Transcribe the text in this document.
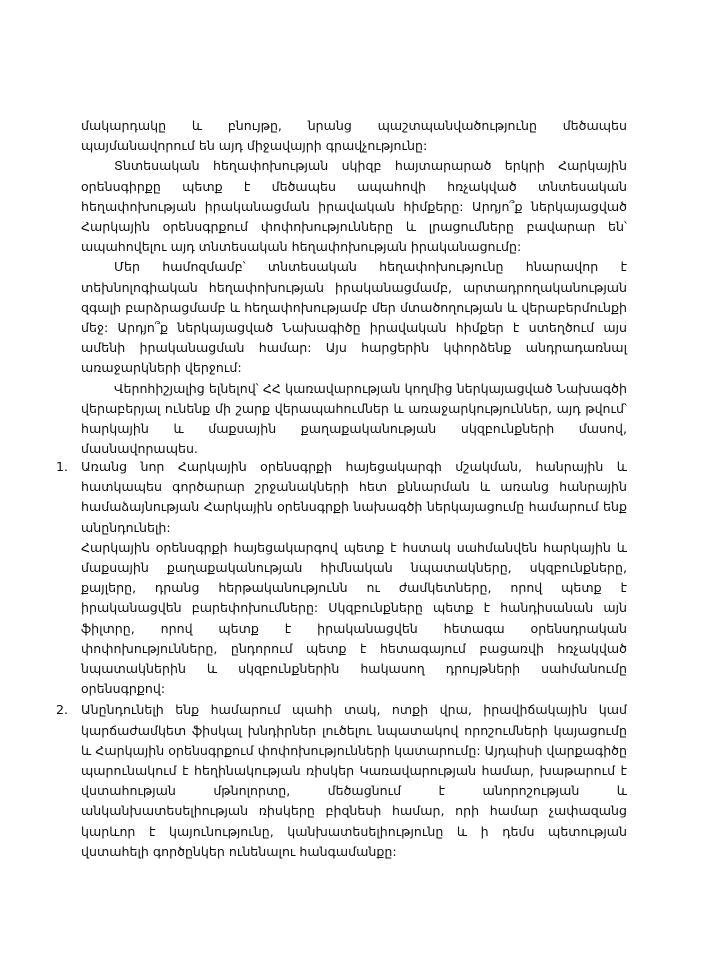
մակարդակը և բնույթը, նրանց պաշտպանվածությունը մեծապես պայմանավորում են այդ միջավայրի գրավչությունը:

Տնտեսական հեղափոխության սկիզբ հայտարարած երկրի Հարկային օրենսգիրքը պետք է մեծապես ապահովի հռչակված տնտեսական հեղափոխության իրականացման իրավական հիմքերը: Արդյո՞ք ներկայացված Հարկային օրենսգրքում փոփոխությունները և լրացումները բավարար են՝ ապահովելու այդ տնտեսական հեղափոխության իրականացումը:

Մեր համոզմամբ՝ տնտեսական հեղափոխությունը հնարավոր է տեխնոլոգիական հեղափոխության իրականացմամբ, արտադրողականության զգալի բարձրացմամբ և հեղափոխությամբ մեր մտածողության և վերաբերմունքի մեջ: Արդյո՞ք ներկայացված Նախագիծը իրավական հիմքեր է ստեղծում այս ամենի իրականացման համար: Այս հարցերին կփորձենք անդրադառնալ առաջարկների վերջում:

Վերոհիշյալից ելնելով՝ ՀՀ կառավարության կողմից ներկայացված Նախագծի վերաբերյալ ունենք մի շարք վերապահումներ և առաջարկություններ, այդ թվում՝ հարկային և մաքսային քաղաքականության սկզբունքների մասով, մասնավորապես.

1. Առանց նոր Հարկային օրենսգրքի հայեցակարգի մշակման, հանրային և հատկապես գործարար շրջանակների հետ քննարման և առանց հանրային համաձայնության Հարկային օրենսգրքի նախագծի ներկայացումը համարում ենք անընդունելի:

Հարկային օրենսգրքի հայեցակարգով պետք է հստակ սահմանվեն հարկային և մաքսային քաղաքականության հիմնական նպատակները, սկզբունքները, քայլերը, դրանց հերթականությունն ու ժամկետները, որով պետք է իրականացվեն բարեփոխումները: Սկզբունքները պետք է հանդիսանան այն ֆիլտրը, որով պետք է իրականացվեն հետագա օրենսդրական փոփոխությունները, ընդորում պետք է հետագայում բացառվի հռչակված նպատակներին և սկզբունքներին հակասող դրույթների սահմանումը օրենսգրքով:

2. Անընդունելի ենք համարում պահի տակ, ոտքի վրա, իրավիճակային կամ կարճաժամկետ ֆիսկալ խնդիրներ լուծելու նպատակով որոշումների կայացումը և Հարկային օրենսգրքում փոփոխությունների կատարումը: Այդպիսի վարքագիծը պարունակում է հեղինակության ռիսկեր Կառավարության համար, խաթարում է վստահության մթնոլորտը, մեծացնում է անորոշության և անկանխատեսելիության ռիսկերը բիզնեսի համար, որի համար չափազանց կարևոր է կայունությունը, կանխատեսելիությունը և ի դեմս պետության վստահելի գործընկեր ունենալու հանգամանքը:
